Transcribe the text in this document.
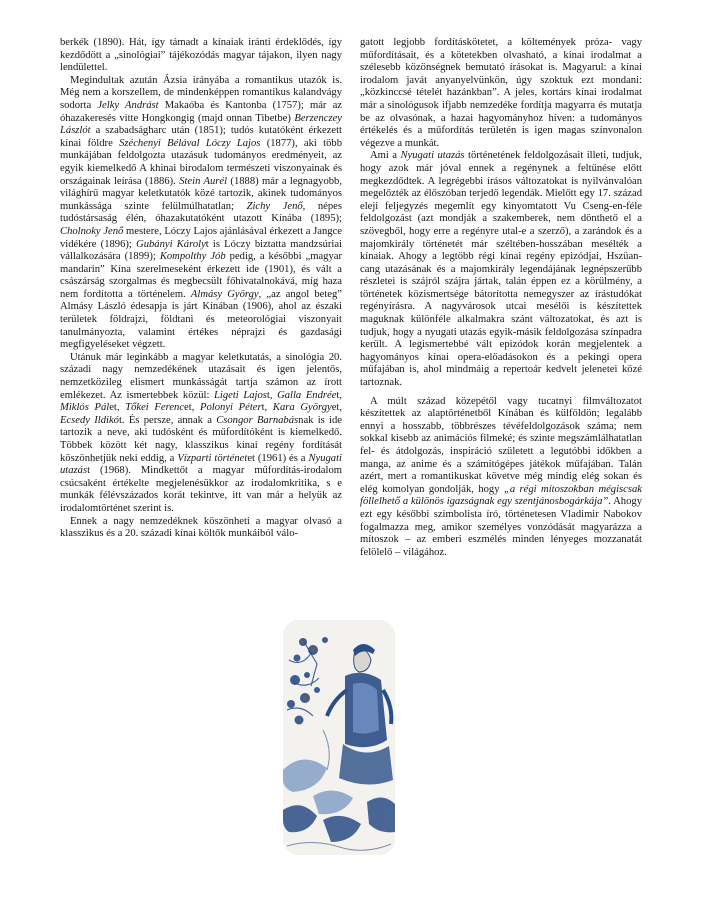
berkék (1890). Hát, így támadt a kínaiak iránti érdeklődés, így kezdődött a „sinológiai” tájékozódás magyar tájakon, ilyen nagy lendülettel.

Megindultak azután Ázsia irányába a romantikus utazók is. Még nem a korszellem, de mindenképpen romantikus kalandvágy sodorta Jelky Andrást Makaóba és Kantonba (1757); már az óhazakeresés vitte Hongkongig (majd onnan Tibetbe) Berzenczey Lászlót a szabadságharc után (1851); tudós kutatóként érkezett kínai földre Széchenyi Bélával Lóczy Lajos (1877), aki több munkájában feldolgozta utazásuk tudományos eredményeit, az egyik kiemelkedő A khinai birodalom természeti viszonyainak és országainak leírása (1886). Stein Aurél (1888) már a legnagyobb, világhírű magyar keletkutatók közé tartozik, akinek tudományos munkássága szinte felülmúlhatatlan; Zichy Jenő, népes tudóstársaság élén, óhazakutatóként utazott Kínába (1895); Cholnoky Jenő mestere, Lóczy Lajos ajánlásával érkezett a Jangce vidékére (1896); Gubányi Károlyt is Lóczy biztatta mandzsúriai vállalkozására (1899); Kompolthy Jób pedig, a későbbi „magyar mandarin” Kína szerelmeseként érkezett ide (1901), és vált a császárság szorgalmas és megbecsült főhivatalnokává, míg haza nem fordította a történelem. Almásy György, „az angol beteg” Almásy László édesapja is járt Kínában (1906), ahol az északi területek földrajzi, földtani és meteorológiai viszonyait tanulmányozta, valamint értékes néprajzi és gazdasági megfigyeléseket végzett.

Utánuk már leginkább a magyar keletkutatás, a sinológia 20. századi nagy nemzedékének utazásait és igen jelentős, nemzetközileg elismert munkásságát tartja számon az írott emlékezet. Az ismertebbek közül: Ligeti Lajost, Galla Endréet, Miklós Pálet, Tőkei Ferencet, Polonyi Pétert, Kara Györgyet, Ecsedy Ildikót. És persze, annak a Csongor Barnabásnak is ide tartozik a neve, aki tudósként és műfordítóként is kiemelkedő. Többek között két nagy, klasszikus kínai regény fordítását köszönhetjük neki eddig, a Vízparti történetet (1961) és a Nyugati utazást (1968). Mindkettőt a magyar műfordítás-irodalom csúcsaként értékelte megjelenésükkor az irodalomkritika, s e munkák félévszázados korát tekintve, itt van már a helyük az irodalomtörténet szerint is.

Ennek a nagy nemzedéknek köszönheti a magyar olvasó a klasszikus és a 20. századi kínai költők munkáiból válo-

gatott legjobb fordításkötetet, a költemények próza- vagy műfordításait, és a kötetekben olvasható, a kínai irodalmat a szélesebb közönségnek bemutató írásokat is. Magyarul: a kínai irodalom javát anyanyelvünkön, úgy szoktuk ezt mondani: „közkinccsé tételét hazánkban”. A jeles, kortárs kínai irodalmat már a sinológusok ifjabb nemzedéke fordítja magyarra és mutatja be az olvasónak, a hazai hagyományhoz híven: a tudományos értékelés és a műfordítás területén is igen magas színvonalon végezve a munkát.

Ami a Nyugati utazás történetének feldolgozásait illeti, tudjuk, hogy azok már jóval ennek a regénynek a feltűnése előtt megkezdődtek. A legrégebbi írásos változatokat is nyilvánvalóan megelőzték az élőszóban terjedő legendák. Mielőtt egy 17. század eleji feljegyzés megemlít egy kinyomtatott Vu Cseng-en-féle feldolgozást (azt mondják a szakemberek, nem dönthető el a szövegből, hogy erre a regényre utal-e a szerző), a zarándok és a majomkirály történetét már széltében-hosszában mesélték a kínaiak. Ahogy a legtöbb régi kínai regény epizódjai, Hszüan-cang utazásának és a majomkirály legendájának legnépszerűbb részletei is szájról szájra jártak, talán éppen ez a körülmény, a történetek közismertsége bátorította nemegyszer az írástudókat regényírásra. A nagyvárosok utcai mesélői is készítettek maguknak különféle alkalmakra szánt változatokat, és azt is tudjuk, hogy a nyugati utazás egyik-másik feldolgozása színpadra került. A legismertebbé vált epizódok korán megjelentek a hagyományos kínai opera-előadásokon és a pekingi opera műfajában is, ahol mindmáig a repertoár kedvelt jelenetei közé tartoznak.

A múlt század közepétől vagy tucatnyi filmváltozatot készítettek az alaptörténetből Kínában és külföldön; legalább ennyi a hosszabb, többrészes tévéfeldolgozások száma; nem sokkal kisebb az animációs filmeké; és szinte megszámlálhatatlan fel- és átdolgozás, inspiráció született a legutóbbi időkben a manga, az anime és a számítógépes játékok műfajában. Talán azért, mert a romantikuskat követve még mindig elég sokan és elég komolyan gondolják, hogy „a régi mítoszokban mégiscsak föllelhető a különös igazságnak egy szentjánosbogárkája”. Ahogy ezt egy későbbi szimbolista író, történetesen Vladimir Nabokov fogalmazza meg, amikor személyes vonzódását magyarázza a mítoszok – az emberi eszmélés minden lényeges mozzanatát felölelő – világához.
